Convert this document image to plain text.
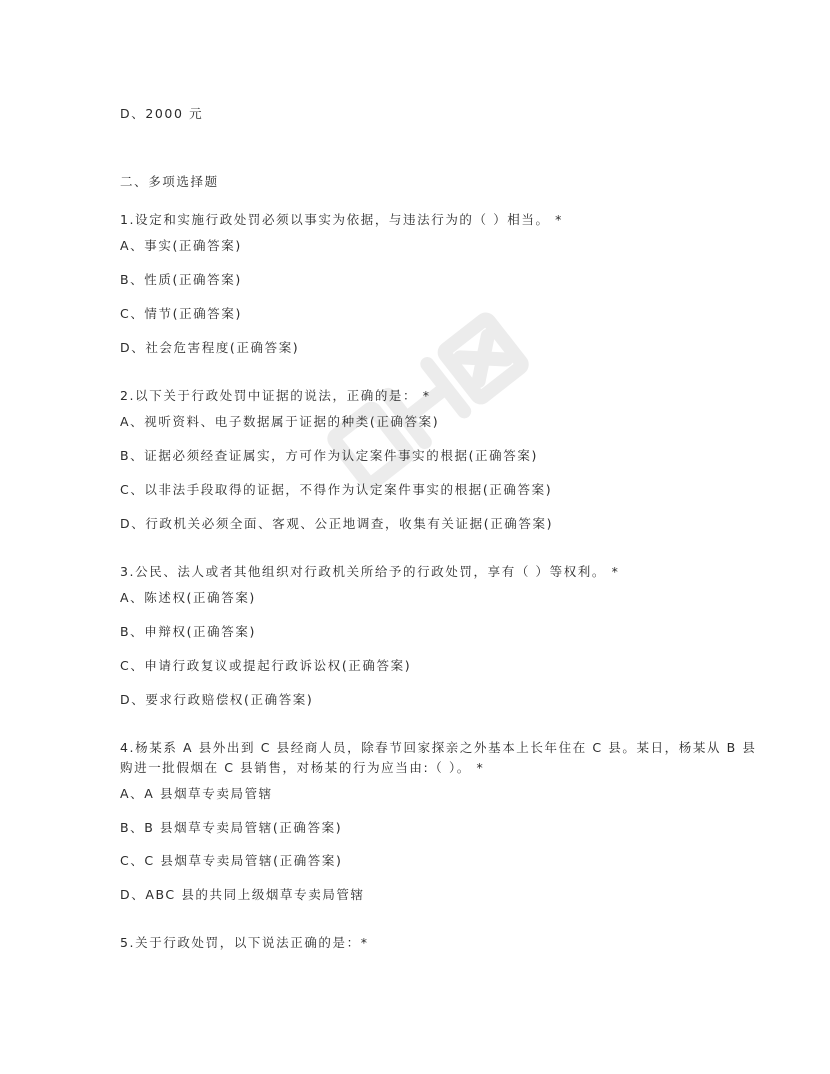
D、2000 元
二、多项选择题
1.设定和实施行政处罚必须以事实为依据，与违法行为的（ ）相当。 *
A、事实(正确答案)
B、性质(正确答案)
C、情节(正确答案)
D、社会危害程度(正确答案)
2.以下关于行政处罚中证据的说法，正确的是： *
A、视听资料、电子数据属于证据的种类(正确答案)
B、证据必须经查证属实，方可作为认定案件事实的根据(正确答案)
C、以非法手段取得的证据，不得作为认定案件事实的根据(正确答案)
D、行政机关必须全面、客观、公正地调查，收集有关证据(正确答案)
3.公民、法人或者其他组织对行政机关所给予的行政处罚，享有（ ）等权利。 *
A、陈述权(正确答案)
B、申辩权(正确答案)
C、申请行政复议或提起行政诉讼权(正确答案)
D、要求行政赔偿权(正确答案)
4.杨某系 A 县外出到 C 县经商人员，除春节回家探亲之外基本上长年住在 C 县。某日，杨某从 B 县
购进一批假烟在 C 县销售，对杨某的行为应当由:（ ）。 *
A、A 县烟草专卖局管辖
B、B 县烟草专卖局管辖(正确答案)
C、C 县烟草专卖局管辖(正确答案)
D、ABC 县的共同上级烟草专卖局管辖
5.关于行政处罚，以下说法正确的是：*
